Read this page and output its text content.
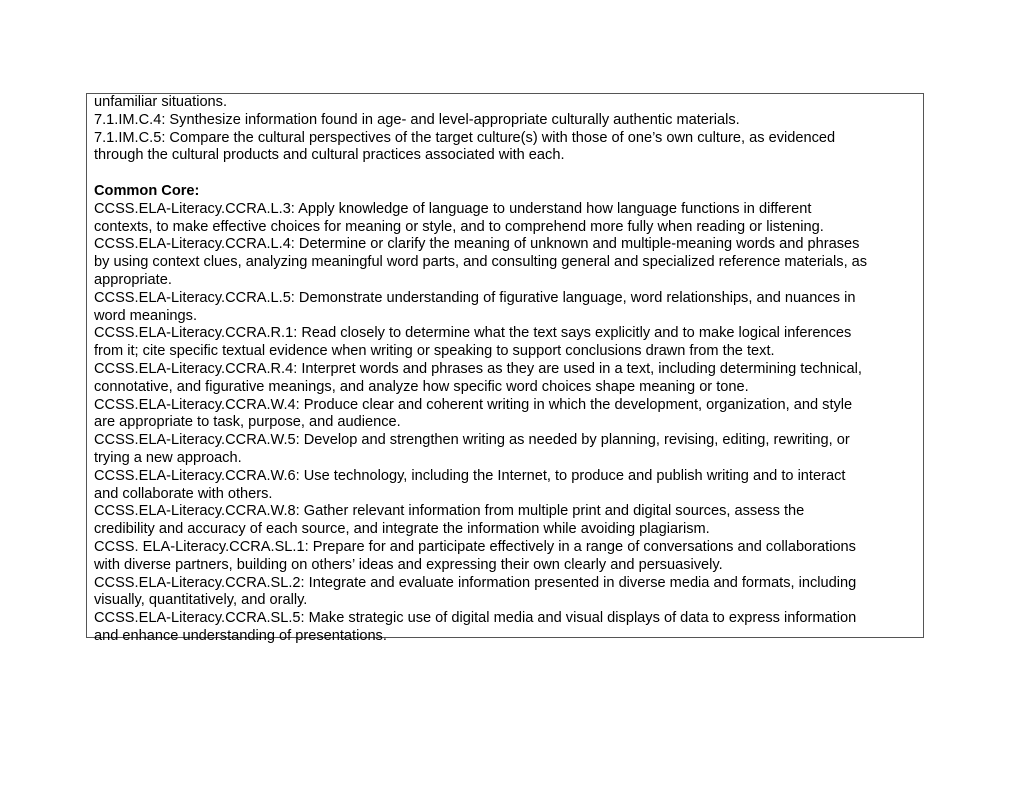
unfamiliar situations.
7.1.IM.C.4: Synthesize information found in age- and level-appropriate culturally authentic materials.
7.1.IM.C.5: Compare the cultural perspectives of the target culture(s) with those of one’s own culture, as evidenced
through the cultural products and cultural practices associated with each.
Common Core:
CCSS.ELA-Literacy.CCRA.L.3: Apply knowledge of language to understand how language functions in different
contexts, to make effective choices for meaning or style, and to comprehend more fully when reading or listening.
CCSS.ELA-Literacy.CCRA.L.4: Determine or clarify the meaning of unknown and multiple-meaning words and phrases
by using context clues, analyzing meaningful word parts, and consulting general and specialized reference materials, as
appropriate.
CCSS.ELA-Literacy.CCRA.L.5: Demonstrate understanding of figurative language, word relationships, and nuances in
word meanings.
CCSS.ELA-Literacy.CCRA.R.1: Read closely to determine what the text says explicitly and to make logical inferences
from it; cite specific textual evidence when writing or speaking to support conclusions drawn from the text.
CCSS.ELA-Literacy.CCRA.R.4: Interpret words and phrases as they are used in a text, including determining technical,
connotative, and figurative meanings, and analyze how specific word choices shape meaning or tone.
CCSS.ELA-Literacy.CCRA.W.4: Produce clear and coherent writing in which the development, organization, and style
are appropriate to task, purpose, and audience.
CCSS.ELA-Literacy.CCRA.W.5: Develop and strengthen writing as needed by planning, revising, editing, rewriting, or
trying a new approach.
CCSS.ELA-Literacy.CCRA.W.6: Use technology, including the Internet, to produce and publish writing and to interact
and collaborate with others.
CCSS.ELA-Literacy.CCRA.W.8: Gather relevant information from multiple print and digital sources, assess the
credibility and accuracy of each source, and integrate the information while avoiding plagiarism.
CCSS. ELA-Literacy.CCRA.SL.1: Prepare for and participate effectively in a range of conversations and collaborations
with diverse partners, building on others’ ideas and expressing their own clearly and persuasively.
CCSS.ELA-Literacy.CCRA.SL.2: Integrate and evaluate information presented in diverse media and formats, including
visually, quantitatively, and orally.
CCSS.ELA-Literacy.CCRA.SL.5: Make strategic use of digital media and visual displays of data to express information
and enhance understanding of presentations.
